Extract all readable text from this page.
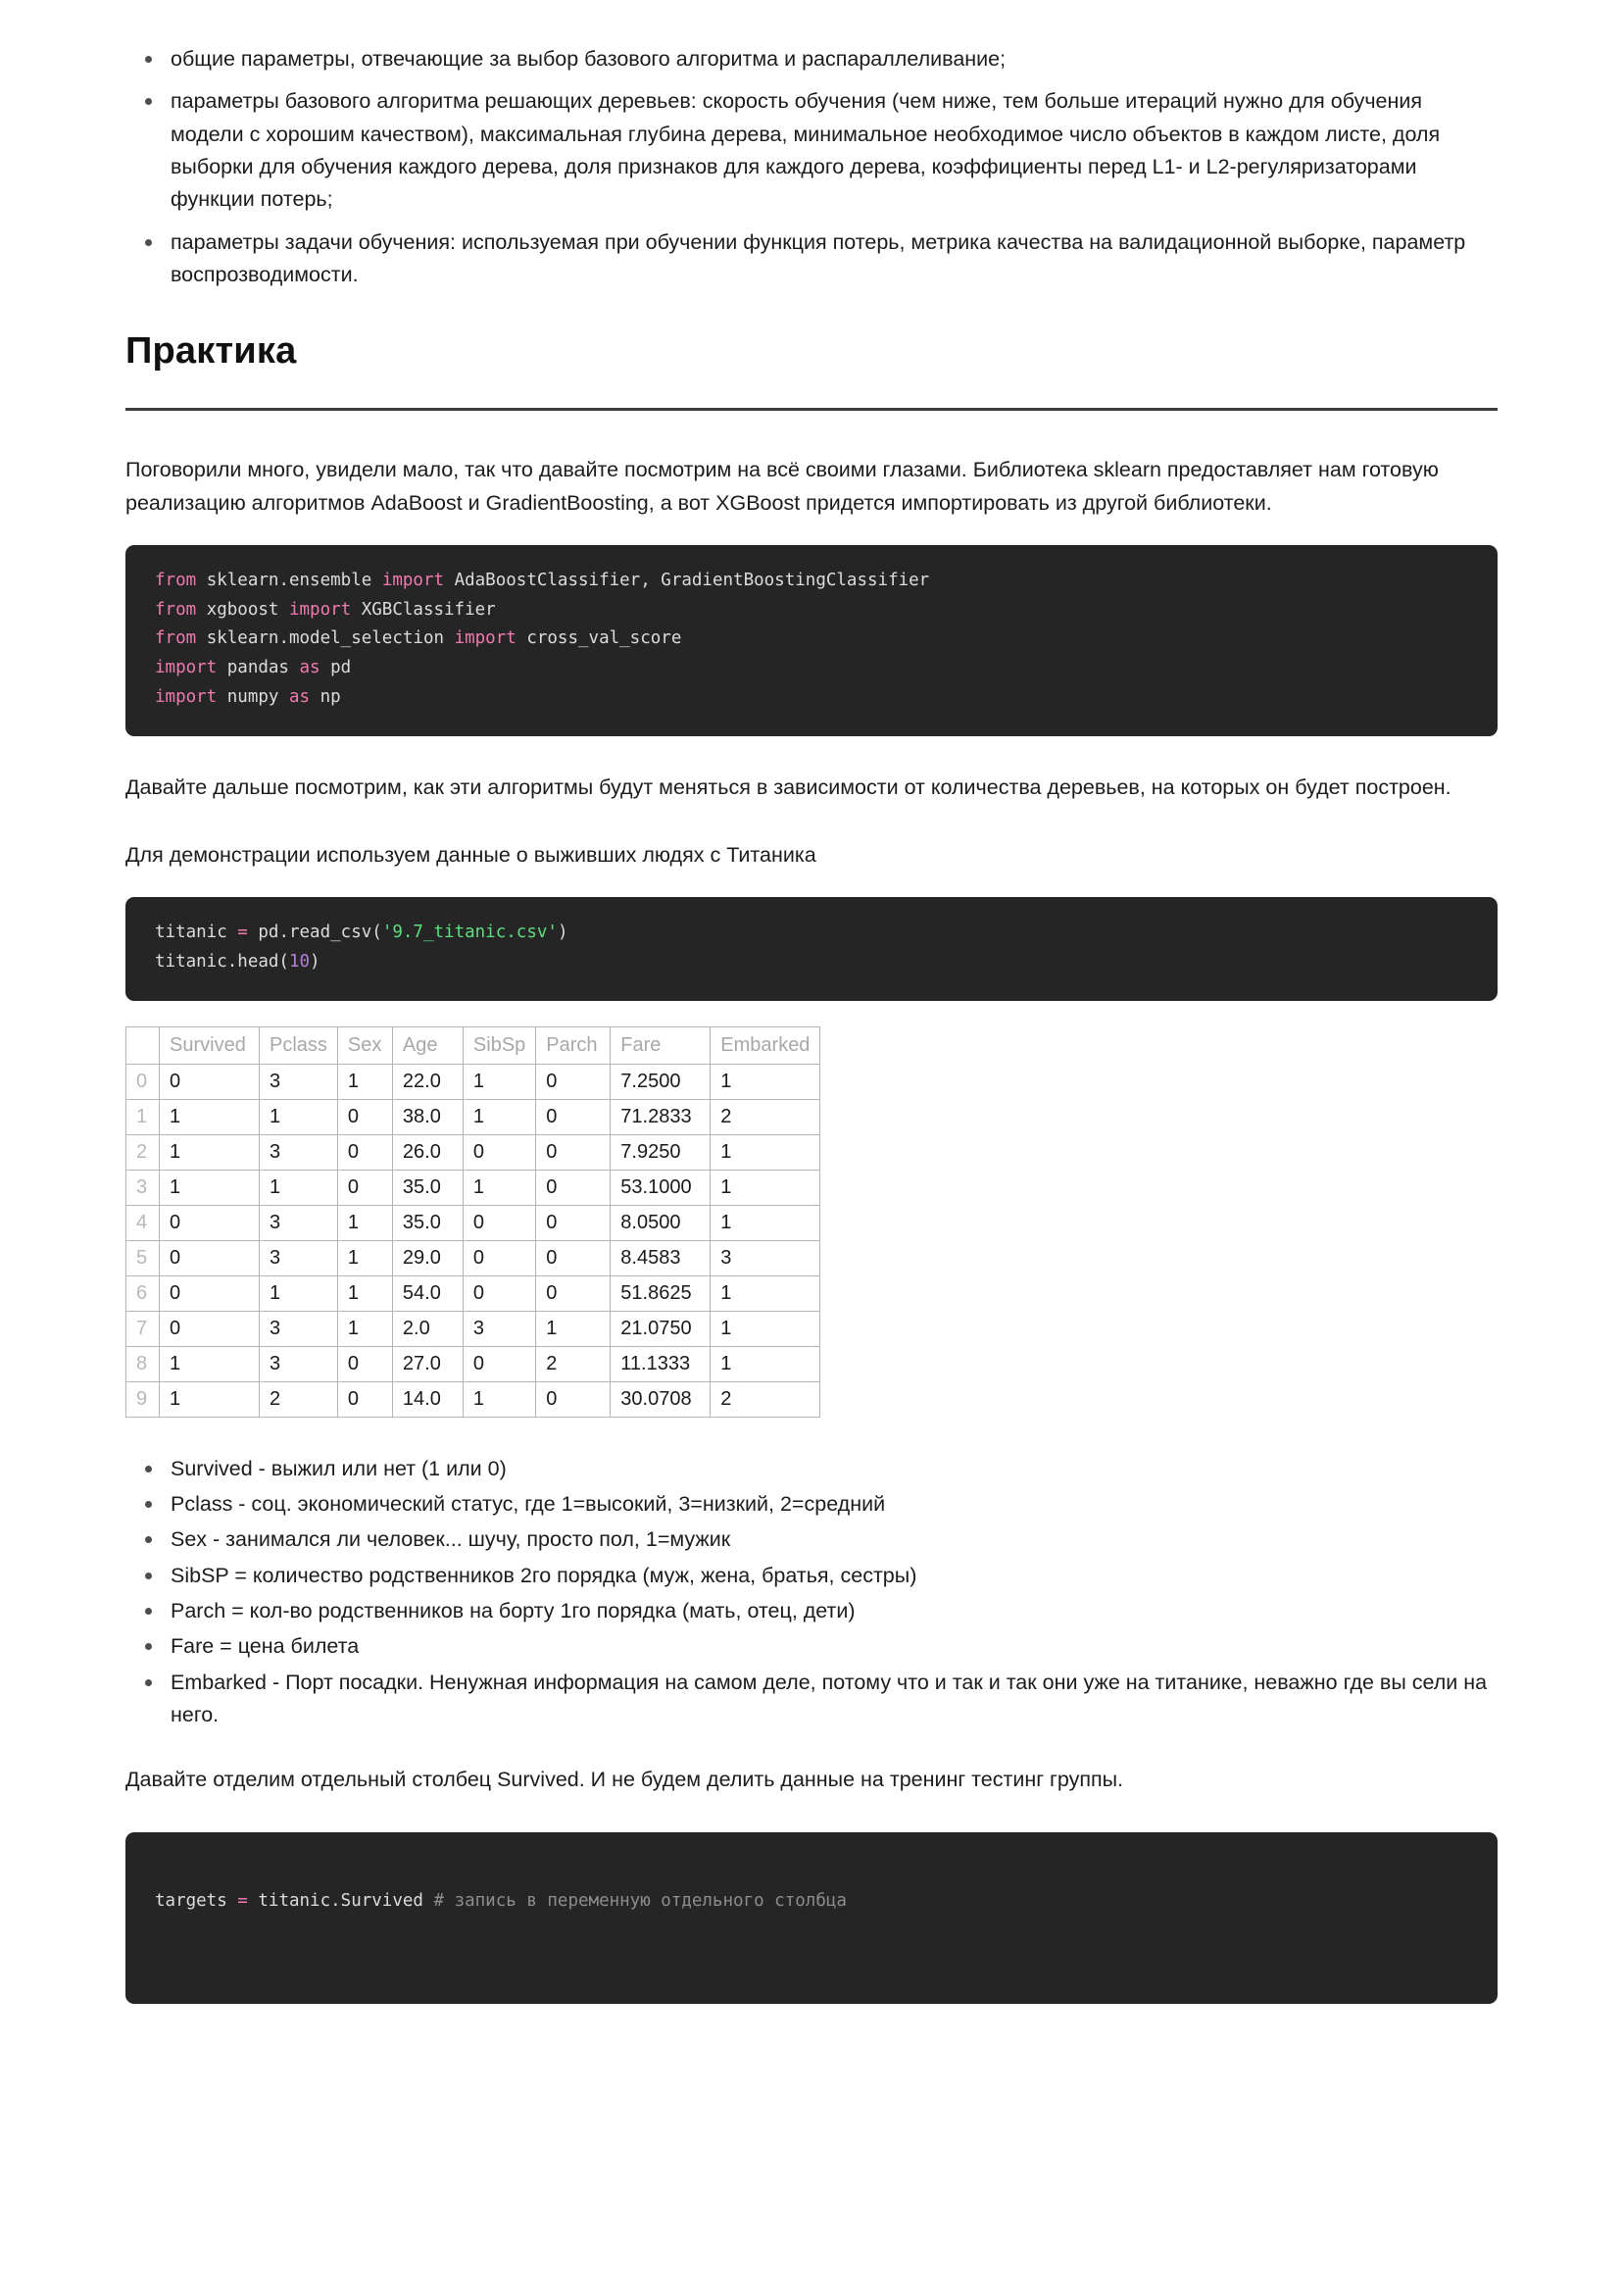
общие параметры, отвечающие за выбор базового алгоритма и распараллеливание;
параметры базового алгоритма решающих деревьев: скорость обучения (чем ниже, тем больше итераций нужно для обучения модели с хорошим качеством), максимальная глубина дерева, минимальное необходимое число объектов в каждом листе, доля выборки для обучения каждого дерева, доля признаков для каждого дерева, коэффициенты перед L1- и L2-регуляризаторами функции потерь;
параметры задачи обучения: используемая при обучении функция потерь, метрика качества на валидационной выборке, параметр воспрозводимости.
Практика

Поговорили много, увидели мало, так что давайте посмотрим на всё своими глазами. Библиотека sklearn предоставляет нам готовую реализацию алгоритмов AdaBoost и GradientBoosting, а вот XGBoost придется импортировать из другой библиотеки.

from sklearn.ensemble import AdaBoostClassifier, GradientBoostingClassifier
from xgboost import XGBClassifier
from sklearn.model_selection import cross_val_score
import pandas as pd
import numpy as np

Давайте дальше посмотрим, как эти алгоритмы будут меняться в зависимости от количества деревьев, на которых он будет построен.

Для демонстрации используем данные о выживших людях с Титаника

titanic = pd.read_csv('9.7_titanic.csv')
titanic.head(10)
	Survived	Pclass	Sex	Age	SibSp	Parch	Fare	Embarked
0	0	3	1	22.0	1	0	7.2500	1
1	1	1	0	38.0	1	0	71.2833	2
2	1	3	0	26.0	0	0	7.9250	1
3	1	1	0	35.0	1	0	53.1000	1
4	0	3	1	35.0	0	0	8.0500	1
5	0	3	1	29.0	0	0	8.4583	3
6	0	1	1	54.0	0	0	51.8625	1
7	0	3	1	2.0	3	1	21.0750	1
8	1	3	0	27.0	0	2	11.1333	1
9	1	2	0	14.0	1	0	30.0708	2
Survived - выжил или нет (1 или 0)
Pclass - соц. экономический статус, где 1=высокий, 3=низкий, 2=средний
Sex - занимался ли человек... шучу, просто пол, 1=мужик
SibSP = количество родственников 2го порядка (муж, жена, братья, сестры)
Parch = кол-во родственников на борту 1го порядка (мать, отец, дети)
Fare = цена билета
Embarked - Порт посадки. Ненужная информация на самом деле, потому что и так и так они уже на титанике, неважно где вы сели на него.

Давайте отделим отдельный столбец Survived. И не будем делить данные на тренинг тестинг группы.

targets = titanic.Survived # запись в переменную отдельного столбца
